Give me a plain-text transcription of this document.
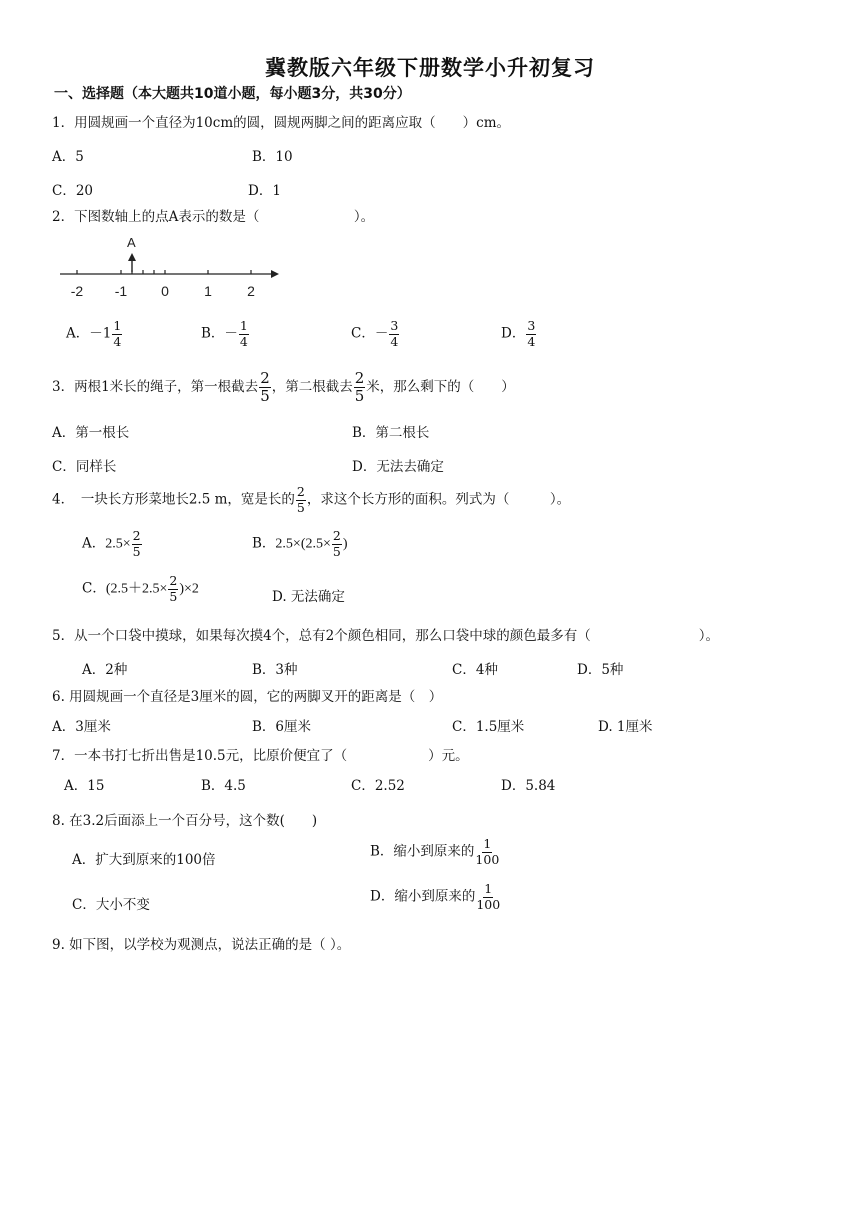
冀教版六年级下册数学小升初复习
一、选择题（本大题共10道小题，每小题3分，共30分）
1．用圆规画一个直径为10cm的圆，圆规两脚之间的距离应取（　　）cm。
A．5	B．10
C．20	D．1
2．下图数轴上的点A表示的数是（　　　　　　　）。
A
-2 -1 0	1	2
A．$-1 \frac{1}{4}$	B．－ $\frac{1}{4}$	C．－ $\frac{3}{4}$	D． $\frac{3}{4}$
3．两根1米长的绳子，第一根截去 $\frac{2}{5}$ ，第二根截去 $\frac{2}{5}$ 米，那么剩下的（　　）
A．第一根长	B．第二根长
C．同样长	D．无法去确定
4．　一块长方形菜地长2.5 m，宽是长的 $\frac{2}{5}$ ，求这个长方形的面积。列式为（　　　）。
A．$2.5\times \frac{2}{5}$	B．$2.5\times(2.5\times \frac{2}{5}$ )
C．$(2.5+2.5\times \frac{2}{5} )\times 2$	D. 无法确定
5．从一个口袋中摸球，如果每次摸4个，总有2个颜色相同，那么口袋中球的颜色最多有（　　　　　　　　）。
A．2种	B．3种	C．4种	D．5种
6. 用圆规画一个直径是3厘米的圆，它的两脚叉开的距离是（　）
A．3厘米	B．6厘米	C．1.5厘米	D. 1厘米
7．一本书打七折出售是10.5元，比原价便宜了（　　　　　　）元。
A．15	B．4.5	C．2.52	D．5.84
8. 在3.2后面添上一个百分号，这个数(　　)
A．扩大到原来的100倍
B．缩小到原来的 $\frac{1}{100}$
C．大小不变
D．缩小到原来的 $\frac{1}{100}$
9. 如下图，以学校为观测点，说法正确的是（ ）。
